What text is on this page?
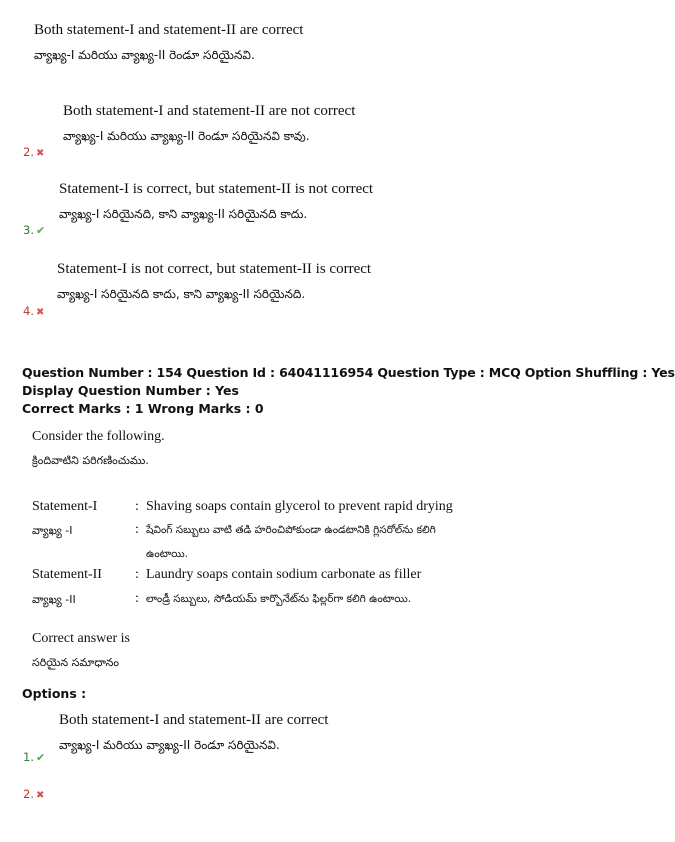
Both statement-I and statement-II are correct
వ్యాఖ్య-I మరియు వ్యాఖ్య-II రెండూ సరియైనవి.
Both statement-I and statement-II are not correct
వ్యాఖ్య-I మరియు వ్యాఖ్య-II రెండూ సరియైనవి కావు.
2. ✖
Statement-I is correct, but statement-II is not correct
వ్యాఖ్య-I సరియైనది, కాని వ్యాఖ్య-II సరియైనది కాదు.
3. ✔
Statement-I is not correct, but statement-II is correct
వ్యాఖ్య-I సరియైనది కాదు, కాని వ్యాఖ్య-II సరియైనది.
4. ✖
Question Number : 154 Question Id : 64041116954 Question Type : MCQ Option Shuffling : Yes
Display Question Number : Yes
Correct Marks : 1 Wrong Marks : 0
Consider the following.
క్రిందివాటిని పరిగణించుము.
Statement-I	: Shaving soaps contain glycerol to prevent rapid drying
వ్యాఖ్య -I	: షేవింగ్ సబ్బులు వాటి తడి హరించిపోకుండా ఉండటానికి గ్లిసరోల్‌ను కలిగి
ఉంటాయి.
Statement-II : Laundry soaps contain sodium carbonate as filler
వ్యాఖ్య -II	: లాండ్రీ సబ్బులు, సోడియమ్ కార్బొనేట్‌ను ఫిల్లర్‌గా కలిగి ఉంటాయి.
Correct answer is
సరియైన సమాధానం
Options :
Both statement-I and statement-II are correct
వ్యాఖ్య-I మరియు వ్యాఖ్య-II రెండూ సరియైనవి.
1. ✔
2. ✖
